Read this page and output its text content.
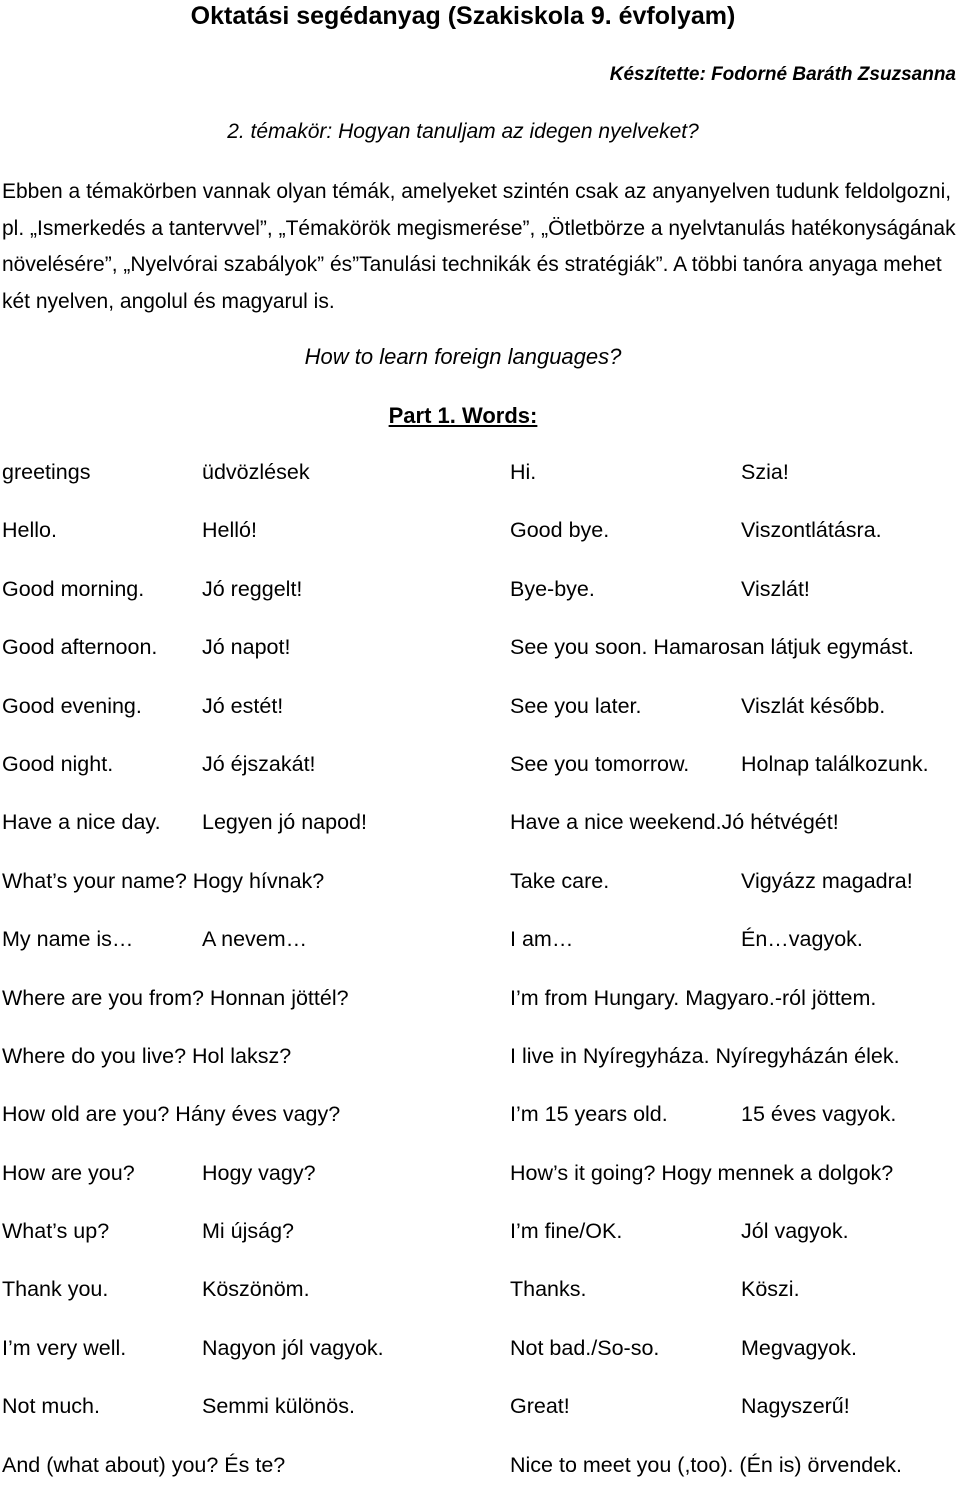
Oktatási segédanyag (Szakiskola 9. évfolyam)
Készítette: Fodorné Baráth Zsuzsanna
2. témakör: Hogyan tanuljam az idegen nyelveket?
Ebben a témakörben vannak olyan témák, amelyeket szintén csak az anyanyelven tudunk feldolgozni, pl. „Ismerkedés a tantervvel”, „Témakörök megismerése”, „Ötletbörze a nyelvtanulás hatékonyságának növelésére”, „Nyelvórai szabályok” és”Tanulási technikák és stratégiák”. A többi tanóra anyaga mehet két nyelven, angolul és magyarul is.
How to learn foreign languages?
Part 1. Words:
greetings	üdvözlések	Hi.	Szia!
Hello.	Helló!	Good bye.	Viszontlátásra.
Good morning.	Jó reggelt!	Bye-bye.	Viszlát!
Good afternoon. Jó napot!	See you soon. Hamarosan látjuk egymást.
Good evening.	Jó estét!	See you later.	Viszlát később.
Good night.	Jó éjszakát!	See you tomorrow. Holnap találkozunk.
Have a nice day. Legyen jó napod!	Have a nice weekend.Jó hétvégét!
What’s your name? Hogy hívnak?	Take care.	Vigyázz magadra!
My name is…	A nevem…	I am…	Én…vagyok.
Where are you from? Honnan jöttél?	I’m from Hungary. Magyaro.-ról jöttem.
Where do you live? Hol laksz?	I live in Nyíregyháza. Nyíregyházán élek.
How old are you? Hány éves vagy?	I’m 15 years old.	15 éves vagyok.
How are you?	Hogy vagy?	How’s it going? Hogy mennek a dolgok?
What’s up?	Mi újság?	I’m fine/OK.	Jól vagyok.
Thank you.	Köszönöm.	Thanks.	Köszi.
I’m very well.	Nagyon jól vagyok.	Not bad./So-so.	Megvagyok.
Not much.	Semmi különös.	Great!	Nagyszerű!
And (what about) you? És te?	Nice to meet you (,too). (Én is) örvendek.
